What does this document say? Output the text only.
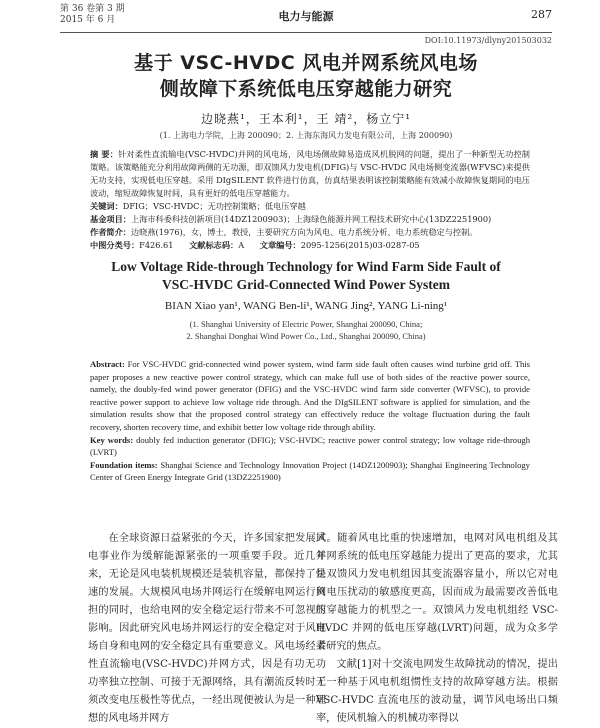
第 36 卷第 3 期
2015 年 6 月	电力与能源	287
DOI:10.11973/dlyny201503032
基于 VSC-HVDC 风电并网系统风电场
侧故障下系统低电压穿越能力研究
边晓燕¹，王本利¹，王 靖²，杨立宁¹
(1. 上海电力学院，上海 200090；2. 上海东海风力发电有限公司，上海 200090)

摘 要：针对柔性直流输电(VSC-HVDC)并网的风电场，风电场侧故障易造成风机脱网的问题，提出了一种新型无功控制策略。该策略能充分利用故障两侧的无功源，即双馈风力发电机(DFIG)与 VSC-HVDC 风电场侧变流器(WFVSC)来提供无功支持，实现低电压穿越。采用 DIgSILENT 软件进行仿真，仿真结果表明该控制策略能有效减小故障恢复期间的电压波动，缩短故障恢复时间，具有更好的低电压穿越能力。

关键词：DFIG；VSC-HVDC；无功控制策略；低电压穿越

基金项目：上海市科委科技创新项目(14DZ1200903)；上海绿色能源并网工程技术研究中心(13DZ2251900)

作者简介：边晓燕(1976)，女，博士，教授，主要研究方向为风电、电力系统分析、电力系统稳定与控制。

中图分类号：F426.61 文献标志码：A 文章编号：2095-1256(2015)03-0287-05

Low Voltage Ride-through Technology for Wind Farm Side Fault of
VSC-HVDC Grid-Connected Wind Power System
BIAN Xiao yan¹, WANG Ben-li¹, WANG Jing², YANG Li-ning¹
(1. Shanghai University of Electric Power, Shanghai 200090, China;
2. Shanghai Donghai Wind Power Co., Ltd., Shanghai 200090, China)

Abstract: For VSC-HVDC grid-connected wind power system, wind farm side fault often causes wind turbine grid off. This paper proposes a new reactive power control strategy, which can make full use of both sides of the reactive power source, namely, the doubly-fed wind power generator (DFIG) and the VSC-HVDC wind farm side converter (WFVSC), to provide reactive power support to achieve low voltage ride through. And the DIgSILENT software is applied for simulation, and the simulation results show that the proposed control strategy can effectively reduce the voltage fluctuation during the fault recovery, shorten recovery time, and exhibit better low voltage ride through ability.

Key words: doubly fed induction generator (DFIG); VSC-HVDC; reactive power control strategy; low voltage ride-through (LVRT)

Foundation items: Shanghai Science and Technology Innovation Project (14DZ1200903); Shanghai Engineering Technology Center of Green Energy Integrate Grid (13DZ2251900)

在全球资源日益紧张的今天，许多国家把发展风电事业作为缓解能源紧张的一项重要手段。近几年来，无论是风电装机规模还是装机容量，都保持了快速的发展。大规模风电场并网运行在缓解电网运行负担的同时，也给电网的安全稳定运行带来不可忽视的影响。因此研究风电场并网运行的安全稳定对于风电场自身和电网的安全稳定具有重要意义。风电场经柔性直流输电(VSC-HVDC)并网方式，因是有功无功功率独立控制、可接于无源网络，具有潮流反转时无须改变电压极性等优点，一经出现便被认为是一种理想的风电场并网方

式。随着风电比重的快速增加，电网对风电机组及其并网系统的低电压穿越能力提出了更高的要求，尤其是双馈风力发电机组因其变流器容量小，所以它对电网电压扰动的敏感度更高，因而成为最需要改善低电压穿越能力的机型之一。双馈风力发电机组经 VSC-HVDC 并网的低电压穿越(LVRT)问题，成为众多学者研究的焦点。

文献[1]对十交流电网发生故障扰动的情况，提出了一种基于风电机组惯性支持的故障穿越方法。根据 VSC-HVDC 直流电压的波动量，调节风电场出口频率，使风机输入的机械功率得以
